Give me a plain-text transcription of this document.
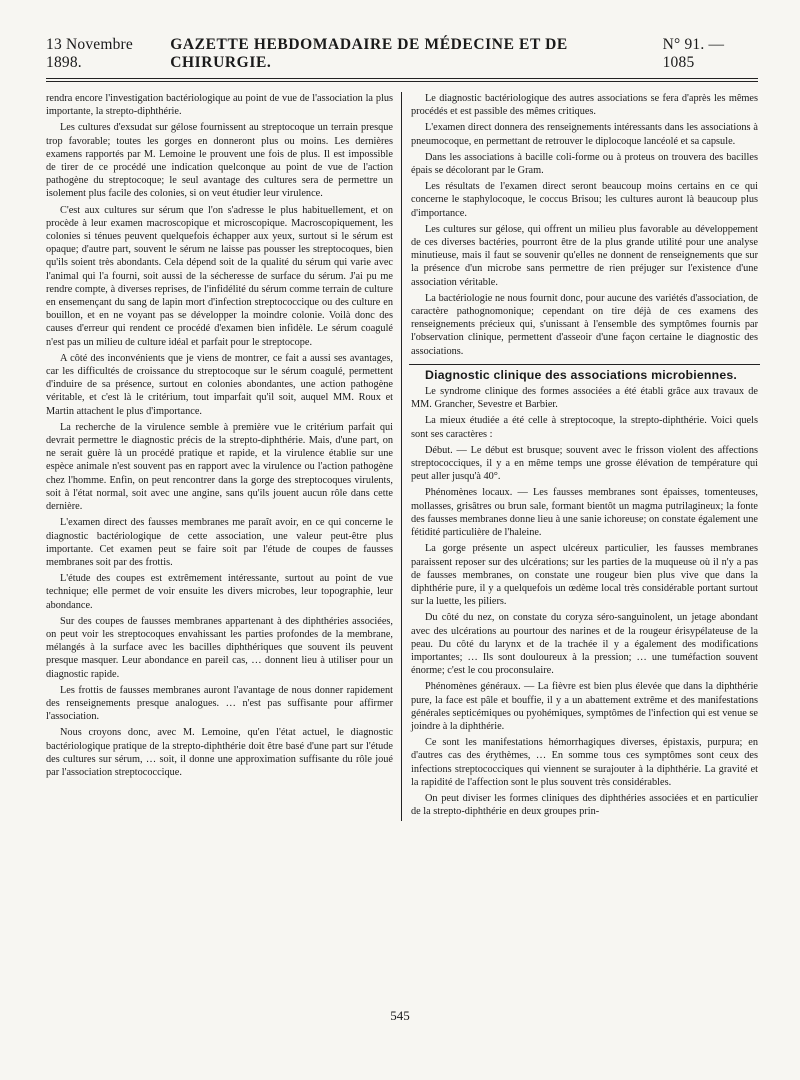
13 Novembre 1898.
GAZETTE HEBDOMADAIRE DE MÉDECINE ET DE CHIRURGIE.
N° 91. — 1085

rendra encore l'investigation bactériologique au point de vue de l'association la plus importante, la strepto-diphthérie.

Les cultures d'exsudat sur gélose fournissent au streptocoque un terrain presque trop favorable; toutes les gorges en donneront plus ou moins. Les dernières examens rapportés par M. Lemoine le prouvent une fois de plus. Il est impossible de tirer de ce procédé une indication quelconque au point de vue de l'action pathogène du streptocoque; le seul avantage des cultures sera de permettre un isolement plus facile des colonies, si on veut étudier leur virulence.

C'est aux cultures sur sérum que l'on s'adresse le plus habituellement, et on procède à leur examen macroscopique et microscopique. Macroscopiquement, les colonies si ténues peuvent quelquefois échapper aux yeux, surtout si le sérum est opaque; d'autre part, souvent le sérum ne laisse pas pousser les streptocoques, bien qu'ils soient très abondants. Cela dépend soit de la qualité du sérum qui varie avec l'animal qui l'a fourni, soit aussi de la sécheresse de surface du sérum. J'ai pu me rendre compte, à diverses reprises, de l'infidélité du sérum comme terrain de culture en ensemençant du sang de lapin mort d'infection streptococcique ou des culture en bouillon, et en ne voyant pas se développer la moindre colonie. Voilà donc des causes d'erreur qui rendent ce procédé d'examen bien infidèle. Le sérum coagulé n'est pas un milieu de culture idéal et parfait pour le streptocope.

A côté des inconvénients que je viens de montrer, ce fait a aussi ses avantages, car les difficultés de croissance du streptocoque sur le sérum coagulé, permettent d'induire de sa présence, surtout en colonies abondantes, une action pathogène véritable, et c'est là le critérium, tout imparfait qu'il soit, auquel MM. Roux et Martin attachent le plus d'importance.

La recherche de la virulence semble à première vue le critérium parfait qui devrait permettre le diagnostic précis de la strepto-diphthérie. Mais, d'une part, on ne serait guère là un procédé pratique et rapide, et la virulence établie sur une espèce animale n'est souvent pas en rapport avec la virulence ou l'action pathogène chez l'homme. Enfin, on peut rencontrer dans la gorge des streptocoques virulents, soit à l'état normal, soit avec une angine, sans qu'ils jouent aucun rôle dans cette dernière.

L'examen direct des fausses membranes me paraît avoir, en ce qui concerne le diagnostic bactériologique de cette association, une valeur peut-être plus importante. Cet examen peut se faire soit par l'étude de coupes de fausses membranes soit par des frottis.

L'étude des coupes est extrêmement intéressante, surtout au point de vue technique; elle permet de voir ensuite les divers microbes, leur topographie, leur abondance.

Sur des coupes de fausses membranes appartenant à des diphthéries associées, on peut voir les streptocoques envahissant les parties profondes de la membrane, mélangés à la surface avec les bacilles diphthériques que souvent ils peuvent presque masquer. Leur abondance en pareil cas, … donnent lieu à utiliser pour un diagnostic rapide.

Les frottis de fausses membranes auront l'avantage de nous donner rapidement des renseignements presque analogues. … n'est pas suffisante pour affirmer l'association.

Nous croyons donc, avec M. Lemoine, qu'en l'état actuel, le diagnostic bactériologique pratique de la strepto-diphthérie doit être basé d'une part sur l'étude des cultures sur sérum, … soit, il donne une approximation suffisante du rôle joué par l'association streptococcique.

Le diagnostic bactériologique des autres associations se fera d'après les mêmes procédés et est passible des mêmes critiques.

L'examen direct donnera des renseignements intéressants dans les associations à pneumocoque, en permettant de retrouver le diplocoque lancéolé et sa capsule.

Dans les associations à bacille coli-forme ou à proteus on trouvera des bacilles épais se décolorant par le Gram.

Les résultats de l'examen direct seront beaucoup moins certains en ce qui concerne le staphylocoque, le coccus Brisou; les cultures auront là beaucoup plus d'importance.

Les cultures sur gélose, qui offrent un milieu plus favorable au développement de ces diverses bactéries, pourront être de la plus grande utilité pour une analyse minutieuse, mais il faut se souvenir qu'elles ne donnent de renseignements que sur la présence d'un microbe sans permettre de rien préjuger sur l'existence d'une association véritable.

La bactériologie ne nous fournit donc, pour aucune des variétés d'association, de caractère pathognomonique; cependant on tire déjà de ces examens des renseignements précieux qui, s'unissant à l'ensemble des symptômes fournis par l'observation clinique, permettent d'asseoir d'une façon certaine le diagnostic des associations.

Diagnostic clinique des associations microbiennes.

Le syndrome clinique des formes associées a été établi grâce aux travaux de MM. Grancher, Sevestre et Barbier.

La mieux étudiée a été celle à streptocoque, la strepto-diphthérie. Voici quels sont ses caractères :

Début. — Le début est brusque; souvent avec le frisson violent des affections streptococciques, il y a en même temps une grosse élévation de température qui peut aller jusqu'à 40°.

Phénomènes locaux. — Les fausses membranes sont épaisses, tomenteuses, mollasses, grisâtres ou brun sale, formant bientôt un magma putrilagineux; la fonte des fausses membranes donne lieu à une sanie ichoreuse; on constate également une fétidité particulière de l'haleine.

La gorge présente un aspect ulcéreux particulier, les fausses membranes paraissent reposer sur des ulcérations; sur les parties de la muqueuse où il n'y a pas de fausses membranes, on constate une rougeur bien plus vive que dans la diphthérie pure, il y a quelquefois un œdème local très considérable portant surtout sur la luette, les piliers.

Du côté du nez, on constate du coryza séro-sanguinolent, un jetage abondant avec des ulcérations au pourtour des narines et de la rougeur érisypélateuse de la peau. Du côté du larynx et de la trachée il y a également des modifications importantes; … Ils sont douloureux à la pression; … une tuméfaction souvent énorme; c'est le cou proconsulaire.

Phénomènes généraux. — La fièvre est bien plus élevée que dans la diphthérie pure, la face est pâle et bouffie, il y a un abattement extrême et des manifestations générales septicémiques ou pyohémiques, symptômes de l'infection qui est venue se joindre à la diphthérie.

Ce sont les manifestations hémorrhagiques diverses, épistaxis, purpura; en d'autres cas des érythèmes, … En somme tous ces symptômes sont ceux des infections streptococciques qui viennent se surajouter à la diphthérie. La gravité et la rapidité de l'affection sont le plus souvent très considérables.

On peut diviser les formes cliniques des diphthéries associées et en particulier de la strepto-diphthérie en deux groupes prin-

545
